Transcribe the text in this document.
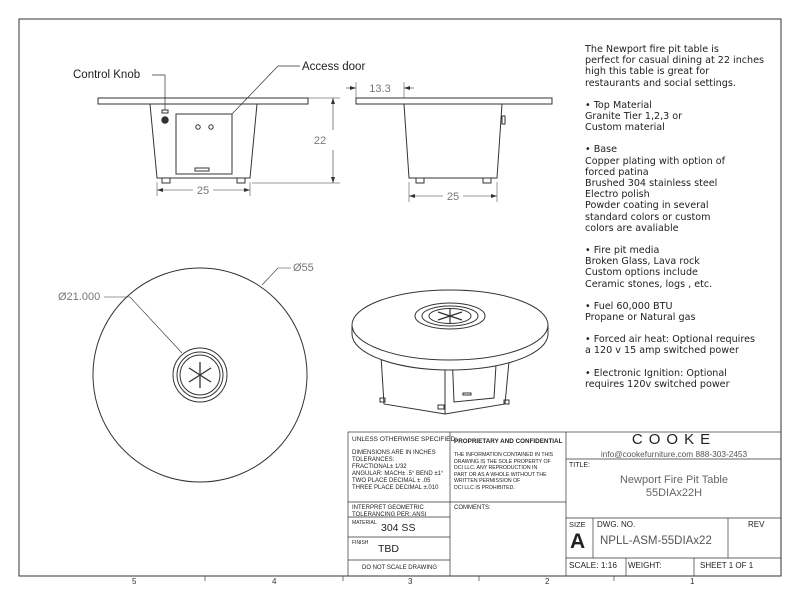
Control Knob
Access door
25
22
13.3
25
Ø21.000
Ø55

The Newport fire pit table is
perfect for casual dining at 22 inches
high this table is great for
restaurants and social settings.

• Top Material
Granite Tier 1,2,3 or
Custom material

• Base
Copper plating with option of
forced patina
Brushed 304 stainless steel
Electro polish
Powder coating in several
standard colors or custom
colors are avaliable

• Fire pit media
Broken Glass, Lava rock
Custom options include
Ceramic stones, logs , etc.

• Fuel 60,000 BTU
Propane or Natural gas

• Forced air heat: Optional requires
a 120 v 15 amp switched power

• Electronic Ignition: Optional
requires 120v switched power

UNLESS OTHERWISE SPECIFIED:
DIMENSIONS ARE IN INCHES
TOLERANCES:
FRACTIONAL± 1/32
ANGULAR: MACH± .5° BEND ±1°
TWO PLACE DECIMAL ± .05
THREE PLACE DECIMAL ±.010
INTERPRET GEOMETRIC
TOLERANCING PER: ANSI
MATERIAL 304 SS
FINISH TBD
DO NOT SCALE DRAWING
PROPRIETARY AND CONFIDENTIAL
THE INFORMATION CONTAINED IN THIS
DRAWING IS THE SOLE PROPERTY OF
DCI LLC. ANY REPRODUCTION IN
PART OR AS A WHOLE WITHOUT THE
WRITTEN PERMISSION OF
DCI LLC IS PROHIBITED.
COMMENTS:
COOKE
info@cookefurniture.com 888-303-2453
TITLE:
Newport Fire Pit Table
55DIAx22H
SIZE
A
DWG. NO.
NPLL-ASM-55DIAx22
REV
SCALE: 1:16 WEIGHT:	SHEET 1 OF 1
5	4	3	2	1
